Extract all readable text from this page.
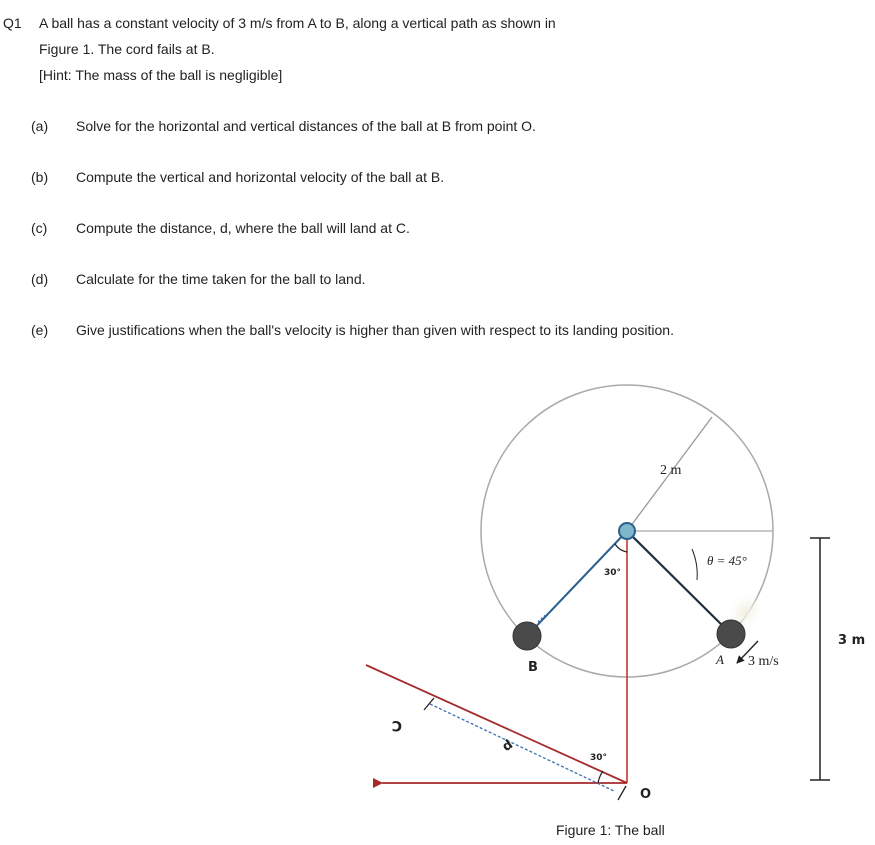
Q1 A ball has a constant velocity of 3 m/s from A to B, along a vertical path as shown in
Figure 1. The cord fails at B.
[Hint: The mass of the ball is negligible]
(a) Solve for the horizontal and vertical distances of the ball at B from point O.
(b) Compute the vertical and horizontal velocity of the ball at B.
(c) Compute the distance, d, where the ball will land at C.
(d) Calculate for the time taken for the ball to land.
(e) Give justifications when the ball's velocity is higher than given with respect to its landing position.
2 m
30°
θ = 45°
A 3 m/s
B
d
30°
C
O
3 m
Figure 1: The ball
